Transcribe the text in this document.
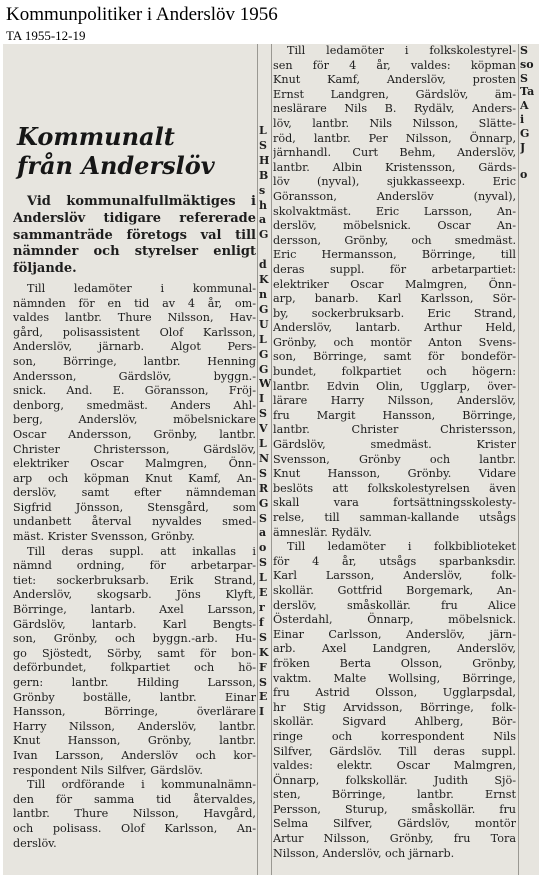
Kommunpolitiker i Anderslöv 1956
TA 1955-12-19
Kommunalt
från Anderslöv
Vid kommunalfullmäktiges i
Anderslöv tidigare refererade
sammanträde företogs val till
nämnder och styrelser enligt
följande.
Till ledamöter i kommunal-
nämnden för en tid av 4 år, om-
valdes lantbr. Thure Nilsson, Hav-
gård, polisassistent Olof Karlsson,
Anderslöv, järnarb. Algot Pers-
son, Börringe, lantbr. Henning
Andersson, Gärdslöv, byggn.-
snick. And. E. Göransson, Fröj-
denborg, smedmäst. Anders Ahl-
berg, Anderslöv, möbelsnickare
Oscar Andersson, Grönby, lantbr.
Christer Christersson, Gärdslöv,
elektriker Oscar Malmgren, Önn-
arp och köpman Knut Kamf, An-
derslöv, samt efter nämndeman
Sigfrid Jönsson, Stensgård, som
undanbett återval nyvaldes smed-
mäst. Krister Svensson, Grönby.
Till deras suppl. att inkallas i
nämnd ordning, för arbetarpar-
tiet: sockerbruksarb. Erik Strand,
Anderslöv, skogsarb. Jöns Klyft,
Börringe, lantarb. Axel Larsson,
Gärdslöv, lantarb. Karl Bengts-
son, Grönby, och byggn.-arb. Hu-
go Sjöstedt, Sörby, samt för bon-
deförbundet, folkpartiet och hö-
gern: lantbr. Hilding Larsson,
Grönby boställe, lantbr. Einar
Hansson, Börringe, överlärare
Harry Nilsson, Anderslöv, lantbr.
Knut Hansson, Grönby, lantbr.
Ivan Larsson, Anderslöv och kor-
respondent Nils Silfver, Gärdslöv.
Till ordförande i kommunalnämn-
den för samma tid återvaldes,
lantbr. Thure Nilsson, Havgård,
och polisass. Olof Karlsson, An-
derslöv.
L
S
H
B
s
h
a
G

d
K
n
G
U
L
G
G
W
I
S
V
L
N
S
R
G
S
a
o
S
L
E
r
f
S
K
F
S
E
I
Till ledamöter i folkskolestyrel-
sen för 4 år, valdes: köpman
Knut Kamf, Anderslöv, prosten
Ernst Landgren, Gärdslöv, äm-
neslärare Nils B. Rydälv, Anders-
löv, lantbr. Nils Nilsson, Slätte-
röd, lantbr. Per Nilsson, Önnarp,
järnhandl. Curt Behm, Anderslöv,
lantbr. Albin Kristensson, Gärds-
löv (nyval), sjukkasseexp. Eric
Göransson, Anderslöv (nyval),
skolvaktmäst. Eric Larsson, An-
derslöv, möbelsnick. Oscar An-
dersson, Grönby, och smedmäst.
Eric Hermansson, Börringe, till
deras suppl. för arbetarpartiet:
elektriker Oscar Malmgren, Önn-
arp, banarb. Karl Karlsson, Sör-
by, sockerbruksarb. Eric Strand,
Anderslöv, lantarb. Arthur Held,
Grönby, och montör Anton Svens-
son, Börringe, samt för bondeför-
bundet, folkpartiet och högern:
lantbr. Edvin Olin, Ugglarp, över-
lärare Harry Nilsson, Anderslöv,
fru Margit Hansson, Börringe,
lantbr. Christer Christersson,
Gärdslöv, smedmäst. Krister
Svensson, Grönby och lantbr.
Knut Hansson, Grönby. Vidare
beslöts att folkskolestyrelsen även
skall vara fortsättningsskolesty-
relse, till samman-kallande utsågs
ämneslär. Rydälv.
Till ledamöter i folkbiblioteket
för 4 år, utsågs sparbanksdir.
Karl Larsson, Anderslöv, folk-
skollär. Gottfrid Borgemark, An-
derslöv, småskollär. fru Alice
Österdahl, Önnarp, möbelsnick.
Einar Carlsson, Anderslöv, järn-
arb. Axel Landgren, Anderslöv,
fröken Berta Olsson, Grönby,
vaktm. Malte Wollsing, Börringe,
fru Astrid Olsson, Ugglarpsdal,
hr Stig Arvidsson, Börringe, folk-
skollär. Sigvard Ahlberg, Bör-
ringe och korrespondent Nils
Silfver, Gärdslöv. Till deras suppl.
valdes: elektr. Oscar Malmgren,
Önnarp, folkskollär. Judith Sjö-
sten, Börringe, lantbr. Ernst
Persson, Sturup, småskollär. fru
Selma Silfver, Gärdslöv, montör
Artur Nilsson, Grönby, fru Tora
Nilsson, Anderslöv, och järnarb.
S
so
S
Ta
A
i
G
J

o
